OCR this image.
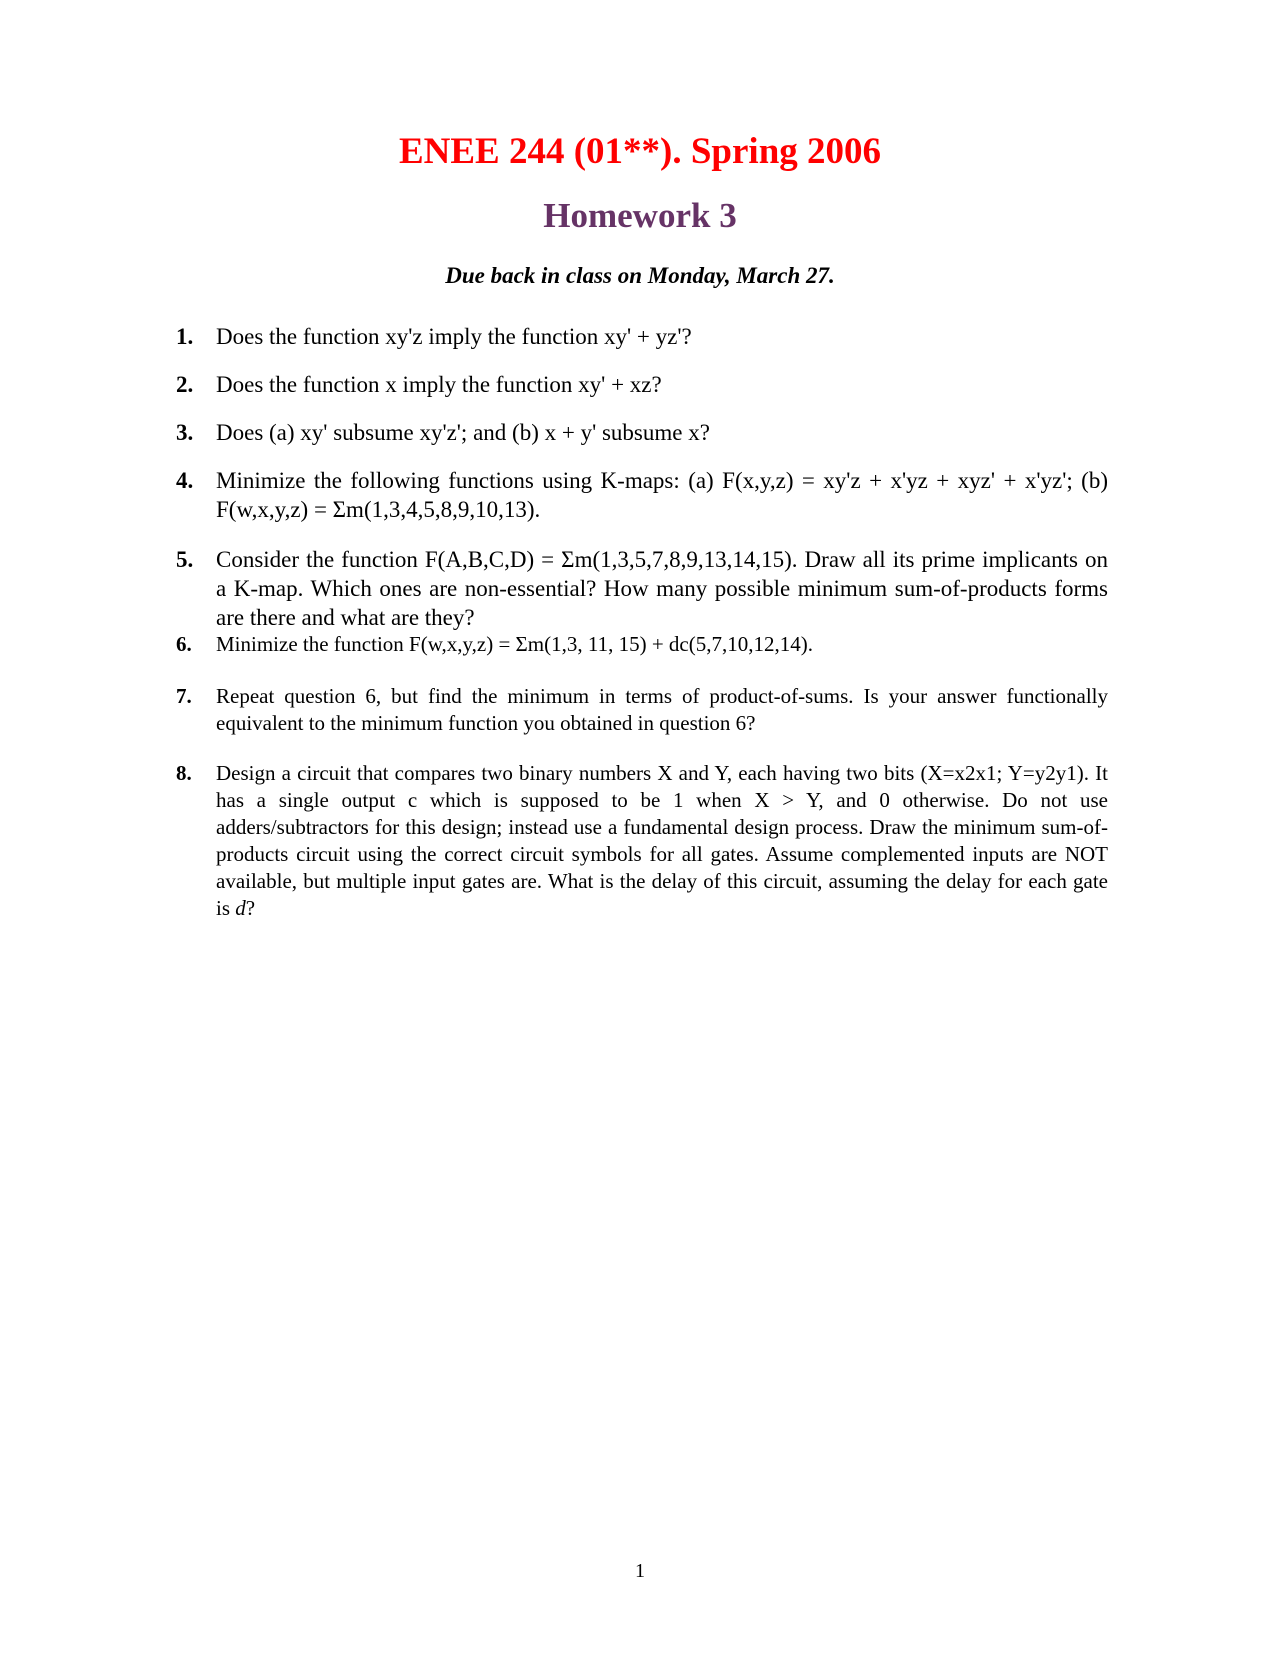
ENEE 244 (01**). Spring 2006
Homework 3

Due back in class on Monday, March 27.

1. Does the function xy'z imply the function xy' + yz'?
2. Does the function x imply the function xy' + xz?
3. Does (a) xy' subsume xy'z'; and (b) x + y' subsume x?
4. Minimize the following functions using K-maps: (a) F(x,y,z) = xy'z + x'yz + xyz' + x'yz'; (b) F(w,x,y,z) = Σm(1,3,4,5,8,9,10,13).
5. Consider the function F(A,B,C,D) = Σm(1,3,5,7,8,9,13,14,15). Draw all its prime implicants on a K-map. Which ones are non-essential? How many possible minimum sum-of-products forms are there and what are they?
6.	Minimize the function F(w,x,y,z) = Σm(1,3, 11, 15) + dc(5,7,10,12,14).
7.	Repeat question 6, but find the minimum in terms of product-of-sums. Is your answer functionally equivalent to the minimum function you obtained in question 6?
8.	Design a circuit that compares two binary numbers X and Y, each having two bits (X=x2x1; Y=y2y1). It has a single output c which is supposed to be 1 when X > Y, and 0 otherwise. Do not use adders/subtractors for this design; instead use a fundamental design process. Draw the minimum sum-of-products circuit using the correct circuit symbols for all gates. Assume complemented inputs are NOT available, but multiple input gates are. What is the delay of this circuit, assuming the delay for each gate is d?
1
